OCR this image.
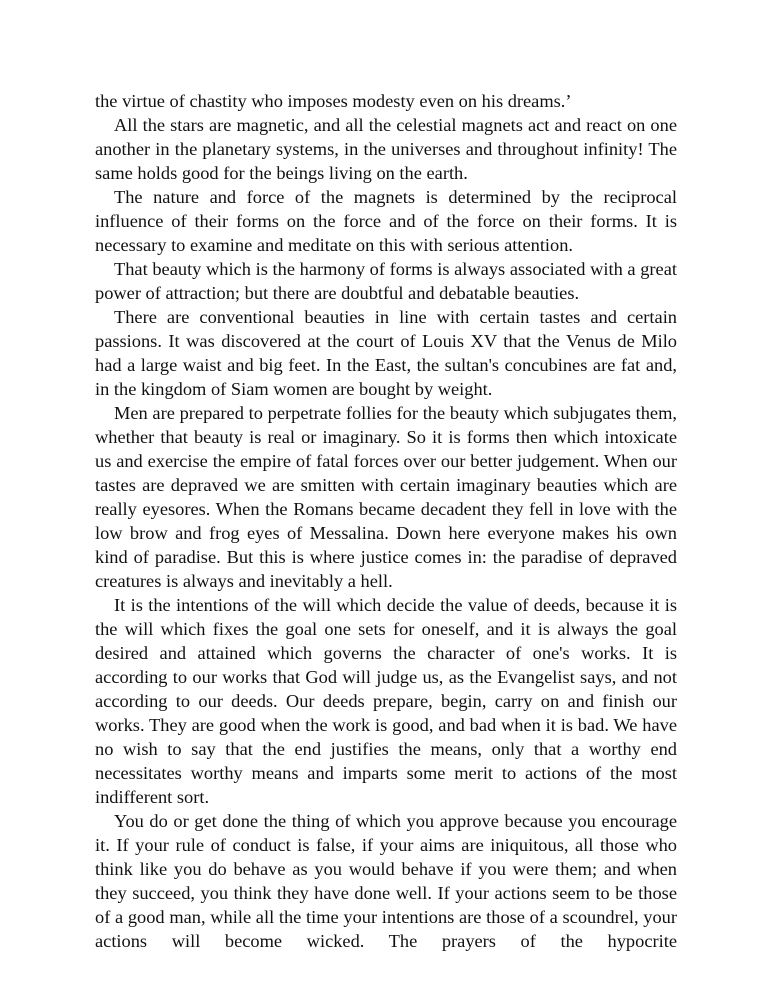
the virtue of chastity who imposes modesty even on his dreams.’

All the stars are magnetic, and all the celestial magnets act and react on one another in the planetary systems, in the universes and throughout infinity! The same holds good for the beings living on the earth.

The nature and force of the magnets is determined by the reciprocal influence of their forms on the force and of the force on their forms. It is necessary to examine and meditate on this with serious attention.

That beauty which is the harmony of forms is always associated with a great power of attraction; but there are doubtful and debatable beauties.

There are conventional beauties in line with certain tastes and certain passions. It was discovered at the court of Louis XV that the Venus de Milo had a large waist and big feet. In the East, the sultan's concubines are fat and, in the kingdom of Siam women are bought by weight.

Men are prepared to perpetrate follies for the beauty which subjugates them, whether that beauty is real or imaginary. So it is forms then which intoxicate us and exercise the empire of fatal forces over our better judgement. When our tastes are depraved we are smitten with certain imaginary beauties which are really eyesores. When the Romans became decadent they fell in love with the low brow and frog eyes of Messalina. Down here everyone makes his own kind of paradise. But this is where justice comes in: the paradise of depraved creatures is always and inevitably a hell.

It is the intentions of the will which decide the value of deeds, because it is the will which fixes the goal one sets for oneself, and it is always the goal desired and attained which governs the character of one's works. It is according to our works that God will judge us, as the Evangelist says, and not according to our deeds. Our deeds prepare, begin, carry on and finish our works. They are good when the work is good, and bad when it is bad. We have no wish to say that the end justifies the means, only that a worthy end necessitates worthy means and imparts some merit to actions of the most indifferent sort.

You do or get done the thing of which you approve because you encourage it. If your rule of conduct is false, if your aims are iniquitous, all those who think like you do behave as you would behave if you were them; and when they succeed, you think they have done well. If your actions seem to be those of a good man, while all the time your intentions are those of a scoundrel, your actions will become wicked. The prayers of the hypocrite
